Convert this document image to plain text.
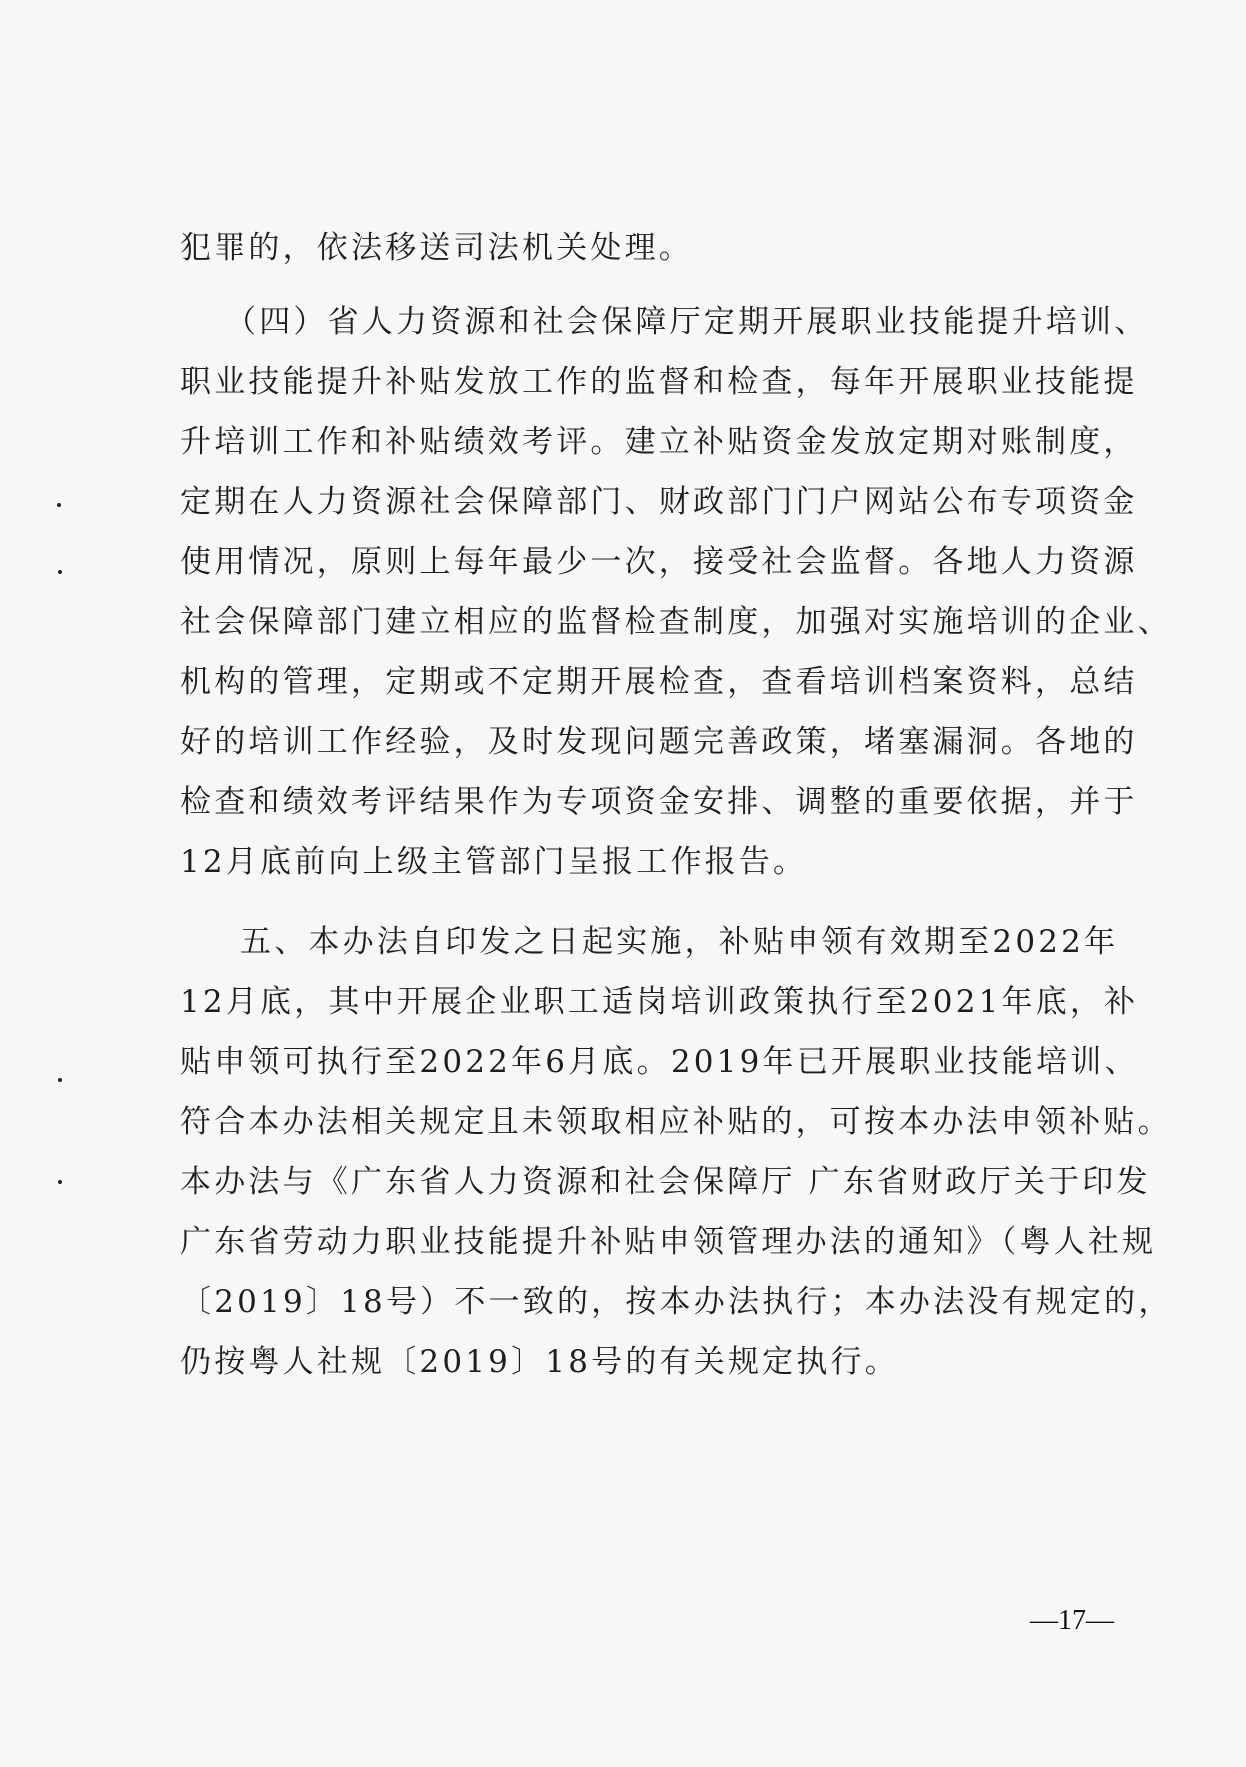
犯罪的，依法移送司法机关处理。
（四）省人力资源和社会保障厅定期开展职业技能提升培训、
职业技能提升补贴发放工作的监督和检查，每年开展职业技能提
升培训工作和补贴绩效考评。建立补贴资金发放定期对账制度，
定期在人力资源社会保障部门、财政部门门户网站公布专项资金
使用情况，原则上每年最少一次，接受社会监督。各地人力资源
社会保障部门建立相应的监督检查制度，加强对实施培训的企业、
机构的管理，定期或不定期开展检查，查看培训档案资料，总结
好的培训工作经验，及时发现问题完善政策，堵塞漏洞。各地的
检查和绩效考评结果作为专项资金安排、调整的重要依据，并于
12月底前向上级主管部门呈报工作报告。
五、本办法自印发之日起实施，补贴申领有效期至2022年
12月底，其中开展企业职工适岗培训政策执行至2021年底，补
贴申领可执行至2022年6月底。2019年已开展职业技能培训、
符合本办法相关规定且未领取相应补贴的，可按本办法申领补贴。
本办法与《广东省人力资源和社会保障厅 广东省财政厅关于印发
广东省劳动力职业技能提升补贴申领管理办法的通知》（粤人社规
〔2019〕18号）不一致的，按本办法执行；本办法没有规定的，
仍按粤人社规〔2019〕18号的有关规定执行。
—17—
